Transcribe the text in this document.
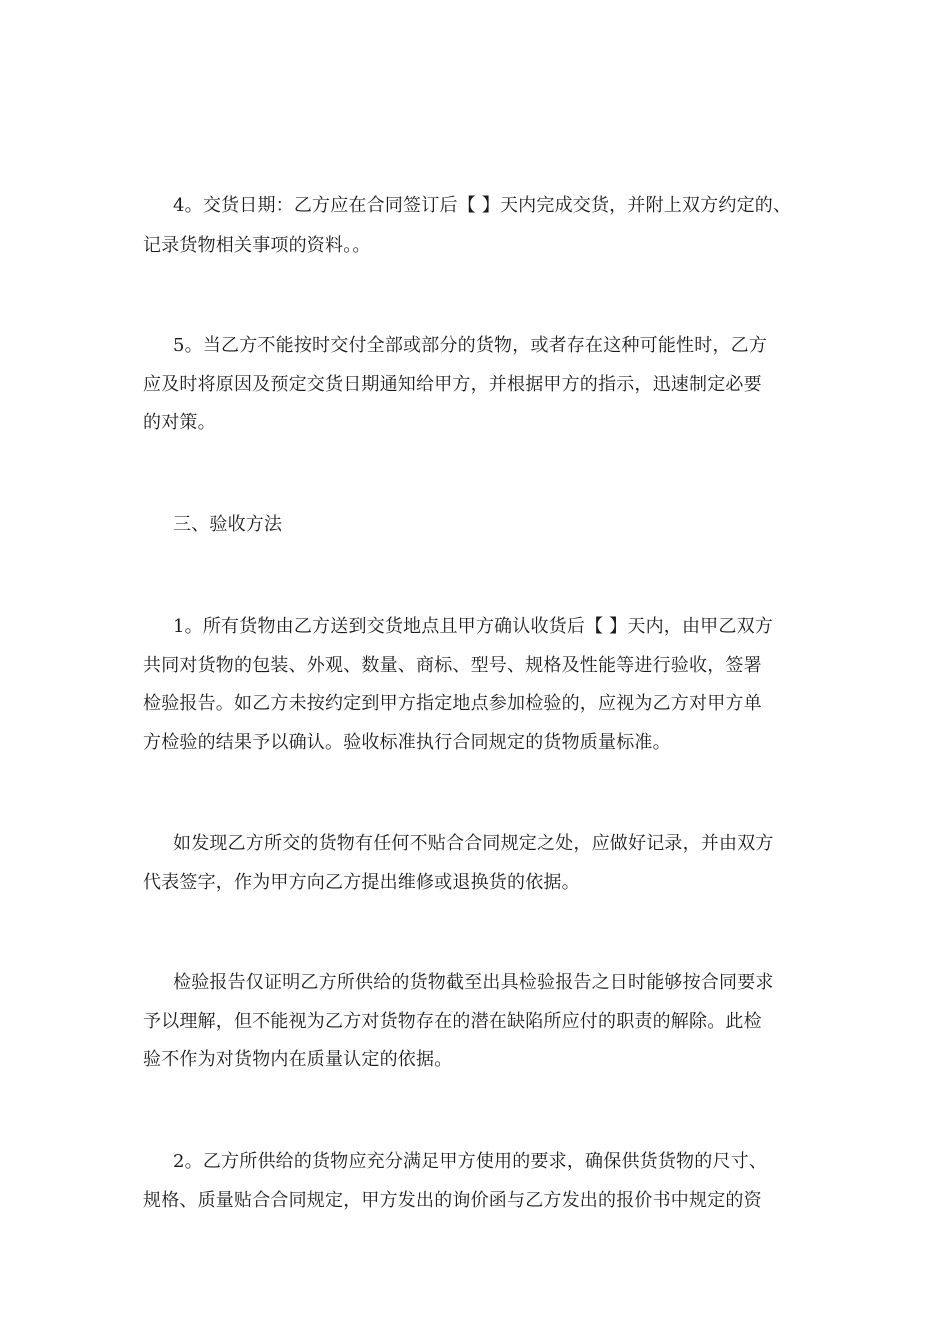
4。交货日期：乙方应在合同签订后【 】天内完成交货，并附上双方约定的、
记录货物相关事项的资料。。
5。当乙方不能按时交付全部或部分的货物，或者存在这种可能性时，乙方
应及时将原因及预定交货日期通知给甲方，并根据甲方的指示，迅速制定必要
的对策。
三、验收方法
1。所有货物由乙方送到交货地点且甲方确认收货后【 】天内，由甲乙双方
共同对货物的包装、外观、数量、商标、型号、规格及性能等进行验收，签署
检验报告。如乙方未按约定到甲方指定地点参加检验的，应视为乙方对甲方单
方检验的结果予以确认。验收标准执行合同规定的货物质量标准。
如发现乙方所交的货物有任何不贴合合同规定之处，应做好记录，并由双方
代表签字，作为甲方向乙方提出维修或退换货的依据。
检验报告仅证明乙方所供给的货物截至出具检验报告之日时能够按合同要求
予以理解，但不能视为乙方对货物存在的潜在缺陷所应付的职责的解除。此检
验不作为对货物内在质量认定的依据。
2。乙方所供给的货物应充分满足甲方使用的要求，确保供货货物的尺寸、
规格、质量贴合合同规定，甲方发出的询价函与乙方发出的报价书中规定的资
